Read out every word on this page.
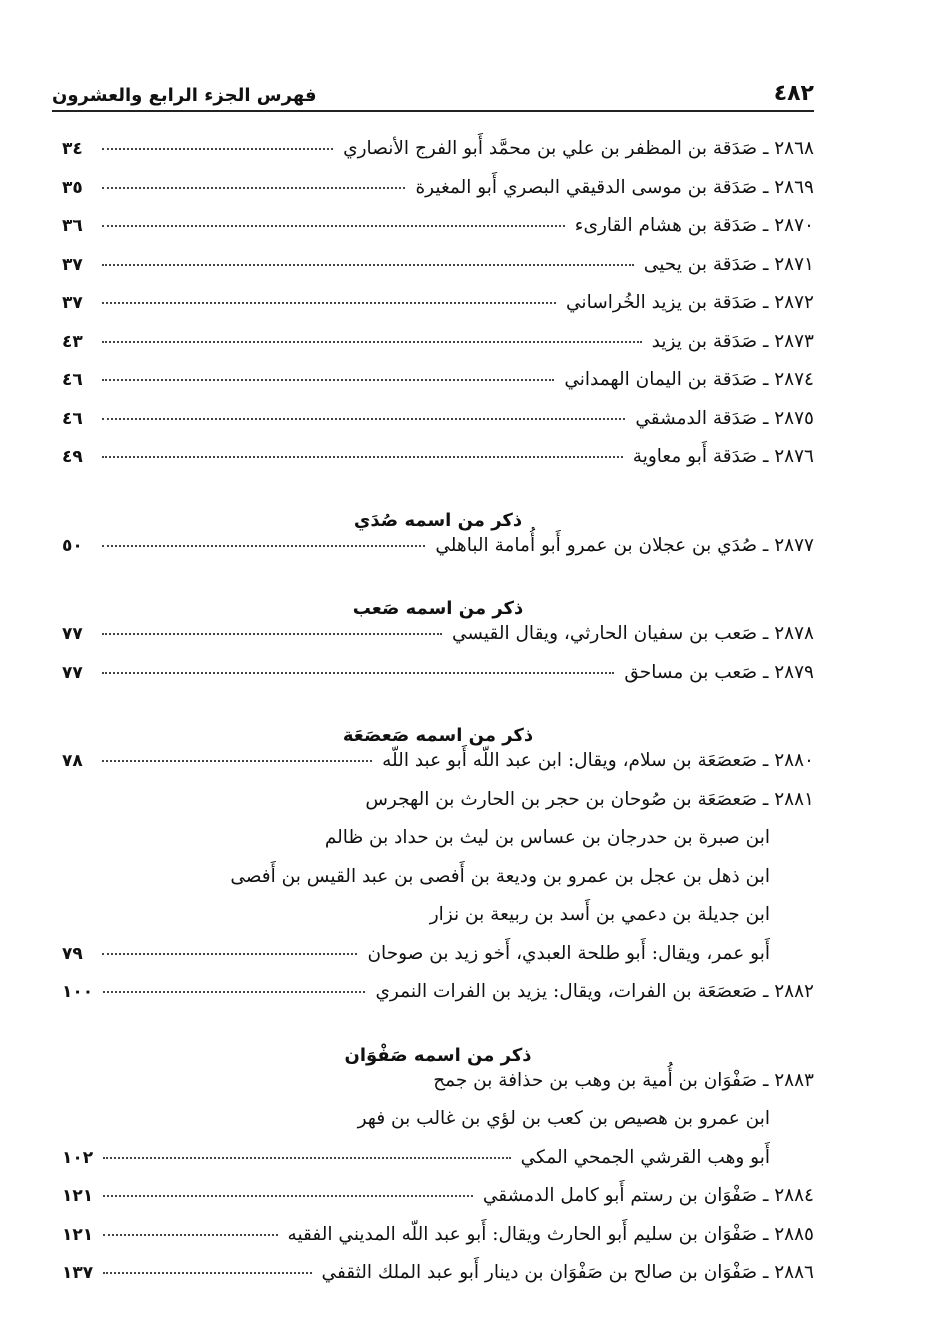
٤٨٢
فهرس الجزء الرابع والعشرون
٢٨٦٨ ـ صَدَقة بن المظفر بن علي بن محمَّد أَبو الفرج الأنصاري
٣٤
٢٨٦٩ ـ صَدَقة بن موسى الدقيقي البصري أَبو المغيرة
٣٥
٢٨٧٠ ـ صَدَقة بن هشام القارىء
٣٦
٢٨٧١ ـ صَدَقة بن يحيى
٣٧
٢٨٧٢ ـ صَدَقة بن يزيد الخُراساني
٣٧
٢٨٧٣ ـ صَدَقة بن يزيد
٤٣
٢٨٧٤ ـ صَدَقة بن اليمان الهمداني
٤٦
٢٨٧٥ ـ صَدَقة الدمشقي
٤٦
٢٨٧٦ ـ صَدَقة أَبو معاوية
٤٩
ذكر من اسمه صُدَي
٢٨٧٧ ـ صُدَي بن عجلان بن عمرو أَبو أُمامة الباهلي
٥٠
ذكر من اسمه صَعب
٢٨٧٨ ـ صَعب بن سفيان الحارثي، ويقال القيسي
٧٧
٢٨٧٩ ـ صَعب بن مساحق
٧٧
ذكر من اسمه صَعصَعَة
٢٨٨٠ ـ صَعصَعَة بن سلام، ويقال: ابن عبد اللّه أَبو عبد اللّه
٧٨
٢٨٨١ ـ صَعصَعَة بن صُوحان بن حجر بن الحارث بن الهجرس
ابن صبرة بن حدرجان بن عساس بن ليث بن حداد بن ظالم
ابن ذهل بن عجل بن عمرو بن وديعة بن أَفصى بن عبد القيس بن أَفصى
ابن جديلة بن دعمي بن أَسد بن ربيعة بن نزار
أَبو عمر، ويقال: أَبو طلحة العبدي، أَخو زيد بن صوحان
٧٩
٢٨٨٢ ـ صَعصَعَة بن الفرات، ويقال: يزيد بن الفرات النمري
١٠٠
ذكر من اسمه صَفْوَان
٢٨٨٣ ـ صَفْوَان بن أُمية بن وهب بن حذافة بن جمح
ابن عمرو بن هصيص بن كعب بن لؤي بن غالب بن فهر
أَبو وهب القرشي الجمحي المكي
١٠٢
٢٨٨٤ ـ صَفْوَان بن رستم أَبو كامل الدمشقي
١٢١
٢٨٨٥ ـ صَفْوَان بن سليم أَبو الحارث ويقال: أَبو عبد اللّه المديني الفقيه
١٢١
٢٨٨٦ ـ صَفْوَان بن صالح بن صَفْوَان بن دينار أَبو عبد الملك الثقفي
١٣٧
